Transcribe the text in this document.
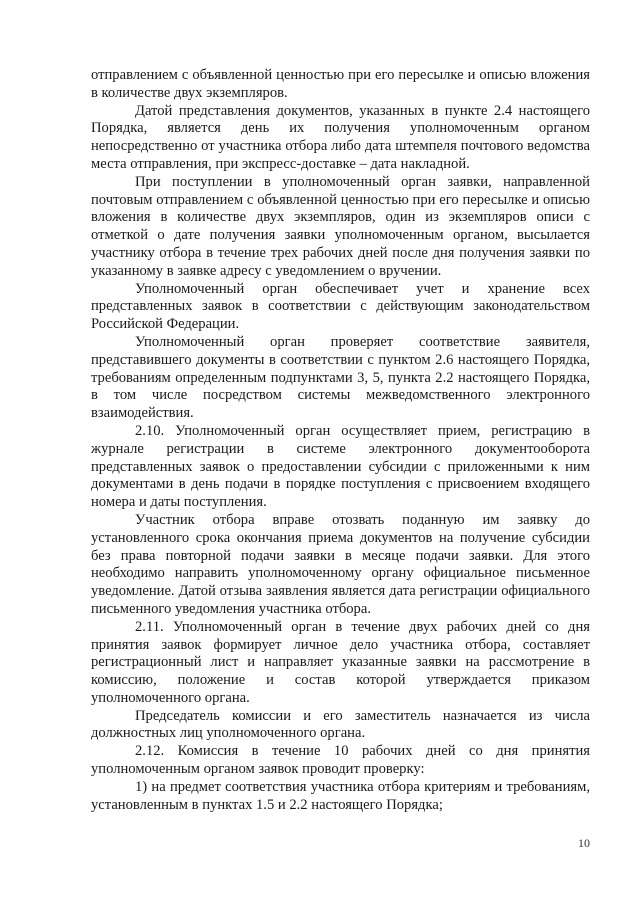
отправлением с объявленной ценностью при его пересылке и описью вложения в количестве двух экземпляров.

Датой представления документов, указанных в пункте 2.4 настоящего Порядка, является день их получения уполномоченным органом непосредственно от участника отбора либо дата штемпеля почтового ведомства места отправления, при экспресс-доставке – дата накладной.

При поступлении в уполномоченный орган заявки, направленной почтовым отправлением с объявленной ценностью при его пересылке и описью вложения в количестве двух экземпляров, один из экземпляров описи с отметкой о дате получения заявки уполномоченным органом, высылается участнику отбора в течение трех рабочих дней после дня получения заявки по указанному в заявке адресу с уведомлением о вручении.

Уполномоченный орган обеспечивает учет и хранение всех представленных заявок в соответствии с действующим законодательством Российской Федерации.

Уполномоченный орган проверяет соответствие заявителя, представившего документы в соответствии с пунктом 2.6 настоящего Порядка, требованиям определенным подпунктами 3, 5, пункта 2.2 настоящего Порядка, в том числе посредством системы межведомственного электронного взаимодействия.

2.10. Уполномоченный орган осуществляет прием, регистрацию в журнале регистрации в системе электронного документооборота представленных заявок о предоставлении субсидии с приложенными к ним документами в день подачи в порядке поступления с присвоением входящего номера и даты поступления.

Участник отбора вправе отозвать поданную им заявку до установленного срока окончания приема документов на получение субсидии без права повторной подачи заявки в месяце подачи заявки. Для этого необходимо направить уполномоченному органу официальное письменное уведомление. Датой отзыва заявления является дата регистрации официального письменного уведомления участника отбора.

2.11. Уполномоченный орган в течение двух рабочих дней со дня принятия заявок формирует личное дело участника отбора, составляет регистрационный лист и направляет указанные заявки на рассмотрение в комиссию, положение и состав которой утверждается приказом уполномоченного органа.

Председатель комиссии и его заместитель назначается из числа должностных лиц уполномоченного органа.

2.12. Комиссия в течение 10 рабочих дней со дня принятия уполномоченным органом заявок проводит проверку:

1) на предмет соответствия участника отбора критериям и требованиям, установленным в пунктах 1.5 и 2.2 настоящего Порядка;

10
